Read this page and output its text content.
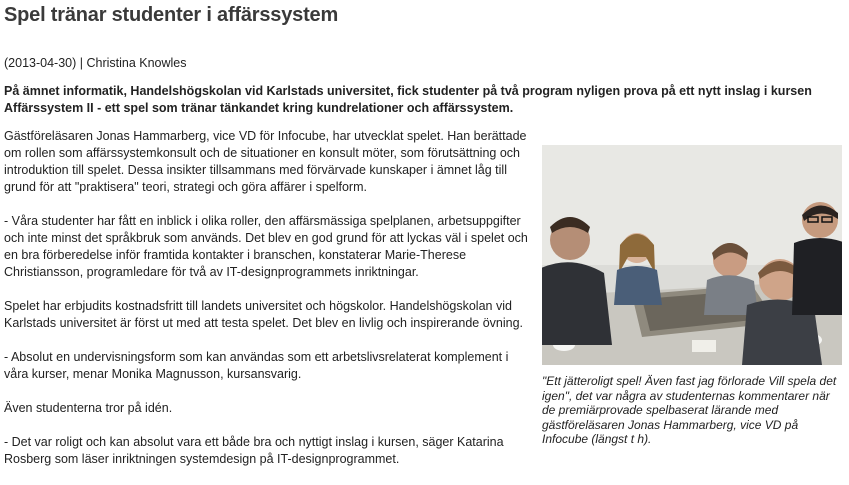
Spel tränar studenter i affärssystem
(2013-04-30) | Christina Knowles

På ämnet informatik, Handelshögskolan vid Karlstads universitet, fick studenter på två program nyligen prova på ett nytt inslag i kursen Affärssystem II - ett spel som tränar tänkandet kring kundrelationer och affärssystem.

Gästföreläsaren Jonas Hammarberg, vice VD för Infocube, har utvecklat spelet. Han berättade om rollen som affärssystemkonsult och de situationer en konsult möter, som förutsättning och introduktion till spelet. Dessa insikter tillsammans med förvärvade kunskaper i ämnet låg till grund för att "praktisera" teori, strategi och göra affärer i spelform.

- Våra studenter har fått en inblick i olika roller, den affärsmässiga spelplanen, arbetsuppgifter och inte minst det språkbruk som används. Det blev en god grund för att lyckas väl i spelet och en bra förberedelse inför framtida kontakter i branschen, konstaterar Marie-Therese Christiansson, programledare för två av IT-designprogrammets inriktningar.

Spelet har erbjudits kostnadsfritt till landets universitet och högskolor. Handelshögskolan vid Karlstads universitet är först ut med att testa spelet. Det blev en livlig och inspirerande övning.

- Absolut en undervisningsform som kan användas som ett arbetslivsrelaterat komplement i våra kurser, menar Monika Magnusson, kursansvarig.

Även studenterna tror på idén.

- Det var roligt och kan absolut vara ett både bra och nyttigt inslag i kursen, säger Katarina Rosberg som läser inriktningen systemdesign på IT-designprogrammet.

"Ett jätteroligt spel! Även fast jag förlorade Vill spela det igen", det var några av studenternas kommentarer när de premiärprovade spelbaserat lärande med gästföreläsaren Jonas Hammarberg, vice VD på Infocube (längst t h).
